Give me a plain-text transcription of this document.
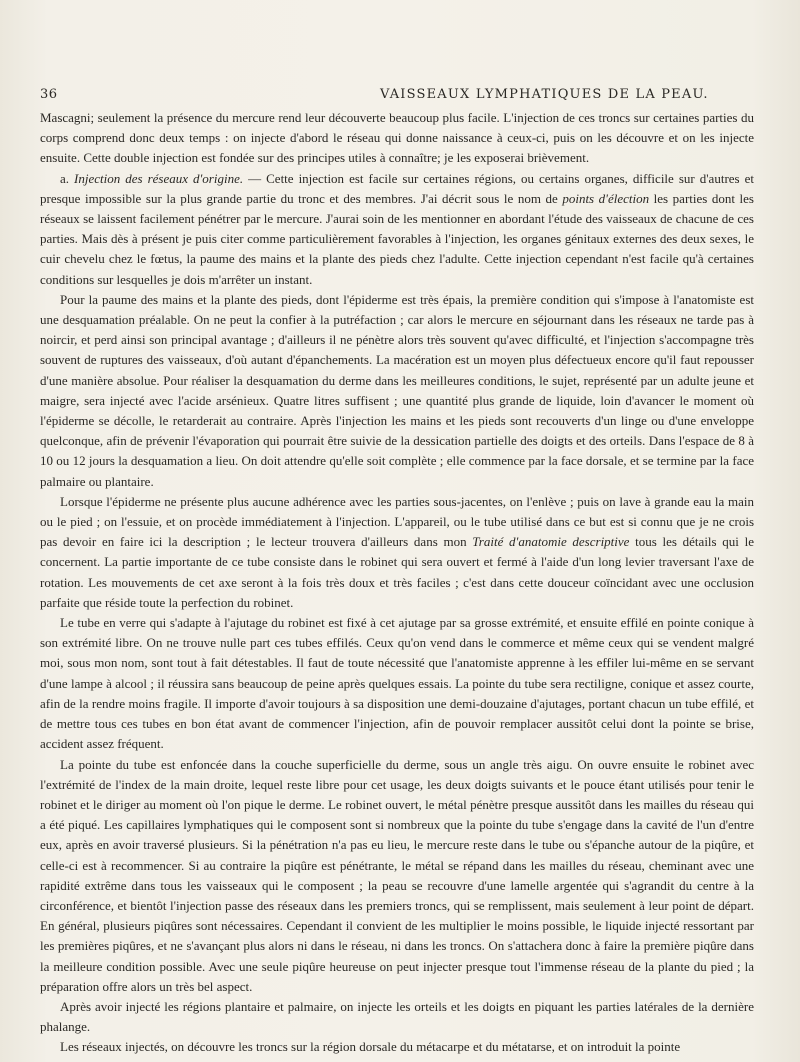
36	VAISSEAUX LYMPHATIQUES DE LA PEAU.

Mascagni; seulement la présence du mercure rend leur découverte beaucoup plus facile. L'injection de ces troncs sur certaines parties du corps comprend donc deux temps : on injecte d'abord le réseau qui donne naissance à ceux-ci, puis on les découvre et on les injecte ensuite. Cette double injection est fondée sur des principes utiles à connaître; je les exposerai brièvement.

a. Injection des réseaux d'origine. — Cette injection est facile sur certaines régions, ou certains organes, difficile sur d'autres et presque impossible sur la plus grande partie du tronc et des membres. J'ai décrit sous le nom de points d'élection les parties dont les réseaux se laissent facilement pénétrer par le mercure. J'aurai soin de les mentionner en abordant l'étude des vaisseaux de chacune de ces parties. Mais dès à présent je puis citer comme particulièrement favorables à l'injection, les organes génitaux externes des deux sexes, le cuir chevelu chez le fœtus, la paume des mains et la plante des pieds chez l'adulte. Cette injection cependant n'est facile qu'à certaines conditions sur lesquelles je dois m'arrêter un instant.

Pour la paume des mains et la plante des pieds, dont l'épiderme est très épais, la première condition qui s'impose à l'anatomiste est une desquamation préalable. On ne peut la confier à la putréfaction ; car alors le mercure en séjournant dans les réseaux ne tarde pas à noircir, et perd ainsi son principal avantage ; d'ailleurs il ne pénètre alors très souvent qu'avec difficulté, et l'injection s'accompagne très souvent de ruptures des vaisseaux, d'où autant d'épanchements. La macération est un moyen plus défectueux encore qu'il faut repousser d'une manière absolue. Pour réaliser la desquamation du derme dans les meilleures conditions, le sujet, représenté par un adulte jeune et maigre, sera injecté avec l'acide arsénieux. Quatre litres suffisent ; une quantité plus grande de liquide, loin d'avancer le moment où l'épiderme se décolle, le retarderait au contraire. Après l'injection les mains et les pieds sont recouverts d'un linge ou d'une enveloppe quelconque, afin de prévenir l'évaporation qui pourrait être suivie de la dessication partielle des doigts et des orteils. Dans l'espace de 8 à 10 ou 12 jours la desquamation a lieu. On doit attendre qu'elle soit complète ; elle commence par la face dorsale, et se termine par la face palmaire ou plantaire.

Lorsque l'épiderme ne présente plus aucune adhérence avec les parties sous-jacentes, on l'enlève ; puis on lave à grande eau la main ou le pied ; on l'essuie, et on procède immédiatement à l'injection. L'appareil, ou le tube utilisé dans ce but est si connu que je ne crois pas devoir en faire ici la description ; le lecteur trouvera d'ailleurs dans mon Traité d'anatomie descriptive tous les détails qui le concernent. La partie importante de ce tube consiste dans le robinet qui sera ouvert et fermé à l'aide d'un long levier traversant l'axe de rotation. Les mouvements de cet axe seront à la fois très doux et très faciles ; c'est dans cette douceur coïncidant avec une occlusion parfaite que réside toute la perfection du robinet.

Le tube en verre qui s'adapte à l'ajutage du robinet est fixé à cet ajutage par sa grosse extrémité, et ensuite effilé en pointe conique à son extrémité libre. On ne trouve nulle part ces tubes effilés. Ceux qu'on vend dans le commerce et même ceux qui se vendent malgré moi, sous mon nom, sont tout à fait détestables. Il faut de toute nécessité que l'anatomiste apprenne à les effiler lui-même en se servant d'une lampe à alcool ; il réussira sans beaucoup de peine après quelques essais. La pointe du tube sera rectiligne, conique et assez courte, afin de la rendre moins fragile. Il importe d'avoir toujours à sa disposition une demi-douzaine d'ajutages, portant chacun un tube effilé, et de mettre tous ces tubes en bon état avant de commencer l'injection, afin de pouvoir remplacer aussitôt celui dont la pointe se brise, accident assez fréquent.

La pointe du tube est enfoncée dans la couche superficielle du derme, sous un angle très aigu. On ouvre ensuite le robinet avec l'extrémité de l'index de la main droite, lequel reste libre pour cet usage, les deux doigts suivants et le pouce étant utilisés pour tenir le robinet et le diriger au moment où l'on pique le derme. Le robinet ouvert, le métal pénètre presque aussitôt dans les mailles du réseau qui a été piqué. Les capillaires lymphatiques qui le composent sont si nombreux que la pointe du tube s'engage dans la cavité de l'un d'entre eux, après en avoir traversé plusieurs. Si la pénétration n'a pas eu lieu, le mercure reste dans le tube ou s'épanche autour de la piqûre, et celle-ci est à recommencer. Si au contraire la piqûre est pénétrante, le métal se répand dans les mailles du réseau, cheminant avec une rapidité extrême dans tous les vaisseaux qui le composent ; la peau se recouvre d'une lamelle argentée qui s'agrandit du centre à la circonférence, et bientôt l'injection passe des réseaux dans les premiers troncs, qui se remplissent, mais seulement à leur point de départ. En général, plusieurs piqûres sont nécessaires. Cependant il convient de les multiplier le moins possible, le liquide injecté ressortant par les premières piqûres, et ne s'avançant plus alors ni dans le réseau, ni dans les troncs. On s'attachera donc à faire la première piqûre dans la meilleure condition possible. Avec une seule piqûre heureuse on peut injecter presque tout l'immense réseau de la plante du pied ; la préparation offre alors un très bel aspect.

Après avoir injecté les régions plantaire et palmaire, on injecte les orteils et les doigts en piquant les parties latérales de la dernière phalange.

Les réseaux injectés, on découvre les troncs sur la région dorsale du métacarpe et du métatarse, et on introduit la pointe
